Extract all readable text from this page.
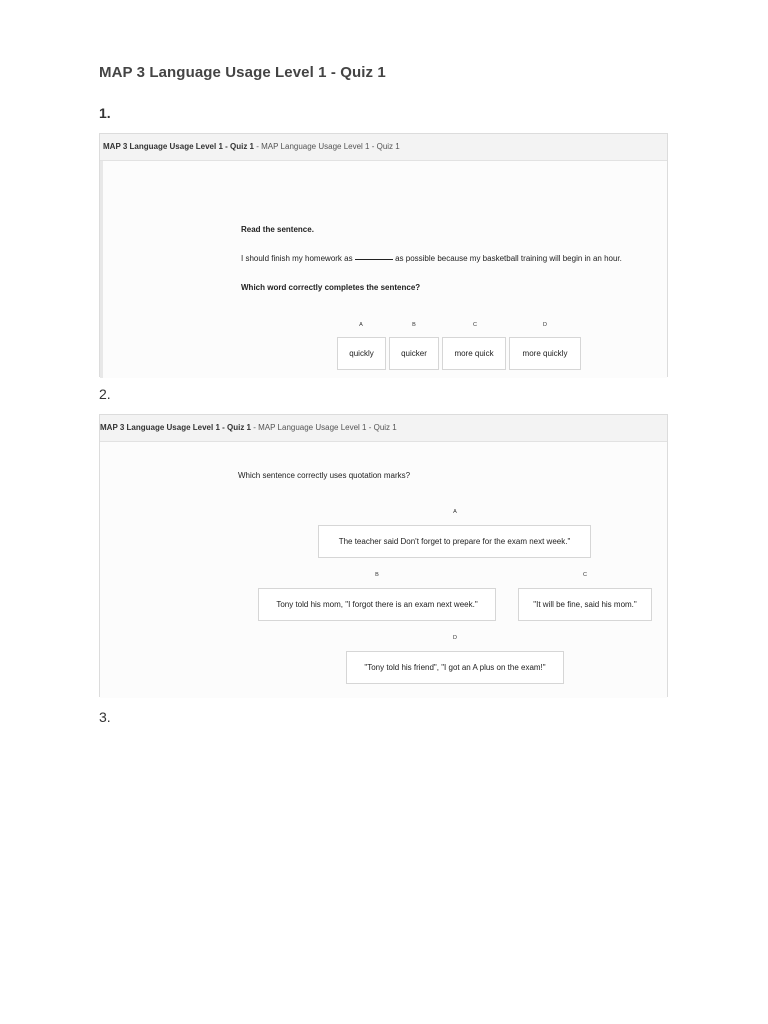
MAP 3 Language Usage Level 1 - Quiz 1
1.
MAP 3 Language Usage Level 1 - Quiz 1 - MAP Language Usage Level 1 - Quiz 1
Read the sentence.
I should finish my homework as	as possible because my basketball training will begin in an hour.
Which word correctly completes the sentence?
A	B	C	D
quickly	quicker	more quick	more quickly
2.
MAP 3 Language Usage Level 1 - Quiz 1 - MAP Language Usage Level 1 - Quiz 1
Which sentence correctly uses quotation marks?
A
The teacher said Don't forget to prepare for the exam next week."
B
Tony told his mom, "I forgot there is an exam next week."
C
"It will be fine, said his mom."
D
"Tony told his friend", "I got an A plus on the exam!"
3.
